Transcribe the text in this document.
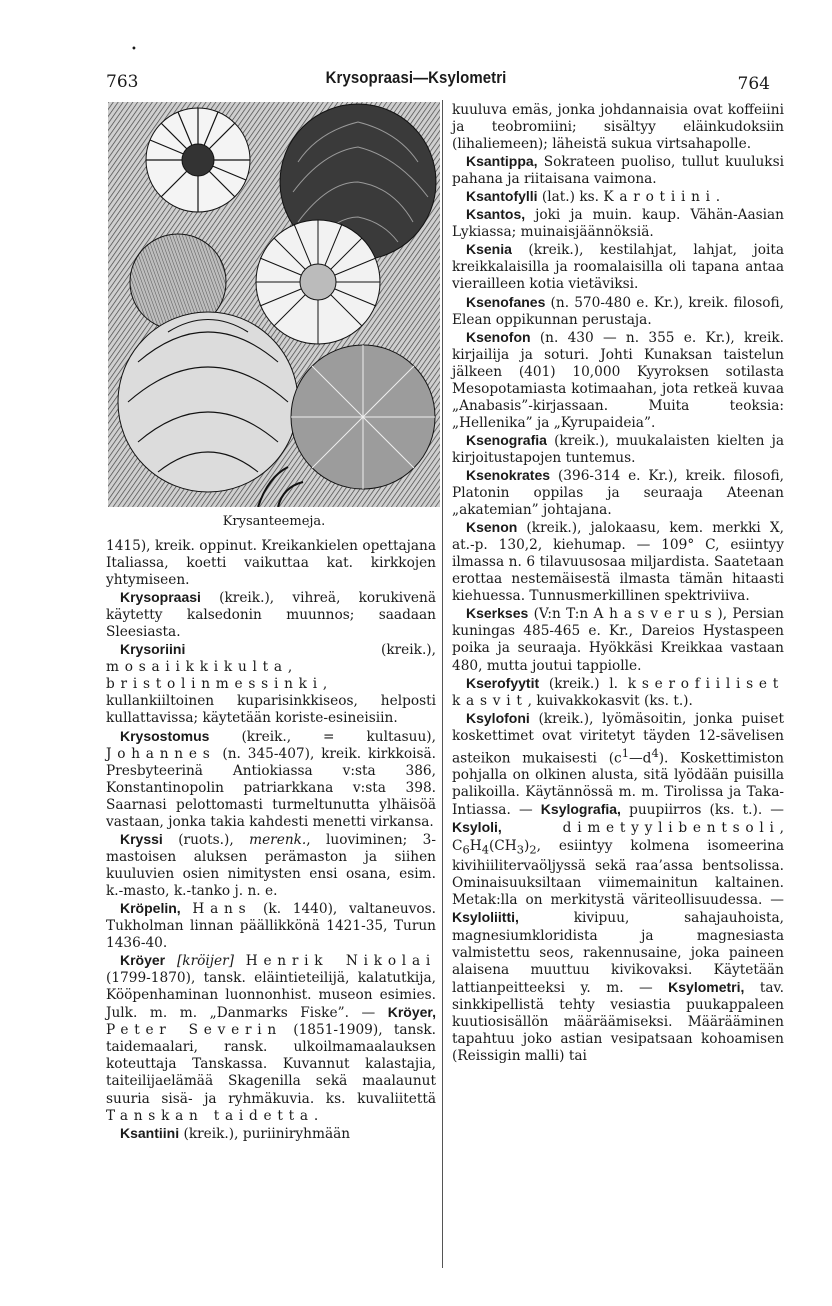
•
763	Krysopraasi—Ksylometri	764
Krysanteemeja.

1415), kreik. oppinut. Kreikankielen opettajana Italiassa, koetti vaikuttaa kat. kirkkojen yhtymiseen.

Krysopraasi (kreik.), vihreä, korukivenä käytetty kalsedonin muunnos; saadaan Sleesiasta.

Krysoriini (kreik.), mosaiikkikulta, bristolinmessinki, kullankiiltoinen kuparisinkkiseos, helposti kullattavissa; käytetään koriste-esineisiin.

Krysostomus (kreik., = kultasuu), Johannes (n. 345-407), kreik. kirkkoisä. Presbyteerinä Antiokiassa v:sta 386, Konstantinopolin patriarkkana v:sta 398. Saarnasi pelottomasti turmeltunutta ylhäisöä vastaan, jonka takia kahdesti menetti virkansa.

Kryssi (ruots.), merenk., luoviminen; 3-mastoisen aluksen perämaston ja siihen kuuluvien osien nimitysten ensi osana, esim. k.-masto, k.-tanko j. n. e.

Kröpelin, Hans (k. 1440), valtaneuvos. Tukholman linnan päällikkönä 1421-35, Turun 1436-40.

Kröyer [kröijer] Henrik Nikolai (1799-1870), tansk. eläintieteilijä, kalatutkija, Kööpenhaminan luonnonhist. museon esimies. Julk. m. m. „Danmarks Fiske”. — Kröyer, Peter Severin (1851-1909), tansk. taidemaalari, ransk. ulkoilmamaalauksen koteuttaja Tanskassa. Kuvannut kalastajia, taiteilijaelämää Skagenilla sekä maalaunut suuria sisä- ja ryhmäkuvia. ks. kuvaliitettä Tanskan taidetta.

Ksantiini (kreik.), puriiniryhmään

kuuluva emäs, jonka johdannaisia ovat koffeiini ja teobromiini; sisältyy eläinkudoksiin (lihaliemeen); läheistä sukua virtsahapolle.

Ksantippa, Sokrateen puoliso, tullut kuuluksi pahana ja riitaisana vaimona.

Ksantofylli (lat.) ks. Karotiini.

Ksantos, joki ja muin. kaup. Vähän-Aasian Lykiassa; muinaisjäännöksiä.

Ksenia (kreik.), kestilahjat, lahjat, joita kreikkalaisilla ja roomalaisilla oli tapana antaa vierailleen kotia vietäviksi.

Ksenofanes (n. 570-480 e. Kr.), kreik. filosofi, Elean oppikunnan perustaja.

Ksenofon (n. 430 — n. 355 e. Kr.), kreik. kirjailija ja soturi. Johti Kunaksan taistelun jälkeen (401) 10,000 Kyyroksen sotilasta Mesopotamiasta kotimaahan, jota retkeä kuvaa „Anabasis”-kirjassaan. Muita teoksia: „Hellenika” ja „Kyrupaideia”.

Ksenografia (kreik.), muukalaisten kielten ja kirjoitustapojen tuntemus.

Ksenokrates (396-314 e. Kr.), kreik. filosofi, Platonin oppilas ja seuraaja Ateenan „akatemian” johtajana.

Ksenon (kreik.), jalokaasu, kem. merkki X, at.-p. 130,2, kiehumap. — 109° C, esiintyy ilmassa n. 6 tilavuusosaa miljardista. Saatetaan erottaa nestemäisestä ilmasta tämän hitaasti kiehuessa. Tunnusmerkillinen spektriviiva.

Kserkses (V:n T:n Ahasverus), Persian kuningas 485-465 e. Kr., Dareios Hystaspeen poika ja seuraaja. Hyökkäsi Kreikkaa vastaan 480, mutta joutui tappiolle.

Kserofyytit (kreik.) l. kserofiiliset kasvit, kuivakkokasvit (ks. t.).

Ksylofoni (kreik.), lyömäsoitin, jonka puiset koskettimet ovat viritetyt täyden 12-sävelisen asteikon mukaisesti $(c^1—d^4)$. Koskettimiston pohjalla on olkinen alusta, sitä lyödään puisilla palikoilla. Käytännössä m. m. Tirolissa ja Taka-Intiassa. — Ksylografia, puupiirros (ks. t.). — Ksyloli,	dimetyylibentsoli, $C_6H_4(CH_3)_2$, esiintyy kolmena isomeerina kivihiilitervaöljyssä sekä raa’assa bentsolissa. Ominaisuuksiltaan viimemainitun kaltainen. Metak:lla on merkitystä väriteollisuudessa. — Ksyloliitti, kivipuu, sahajauhoista, magnesiumkloridista ja magnesiasta valmistettu seos, rakennusaine, joka paineen alaisena muuttuu kivikovaksi. Käytetään lattianpeitteeksi y. m. — Ksylometri, tav. sinkkipellistä tehty vesiastia puukappaleen kuutiosisällön määräämiseksi. Määrääminen tapahtuu joko astian vesipatsaan kohoamisen (Reissigin malli) tai
